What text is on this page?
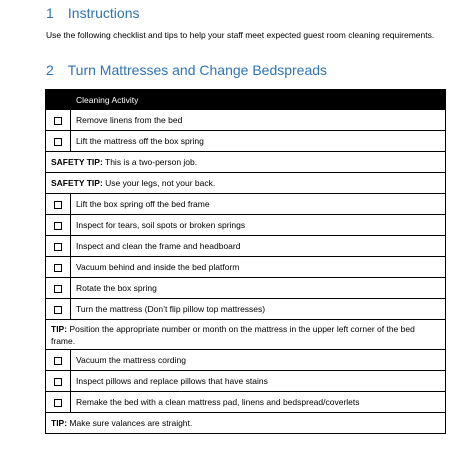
1 Instructions
Use the following checklist and tips to help your staff meet expected guest room cleaning requirements.
2 Turn Mattresses and Change Bedspreads
	Cleaning Activity
	Remove linens from the bed
	Lift the mattress off the box spring
SAFETY TIP: This is a two-person job.	
SAFETY TIP: Use your legs, not your back.	
	Lift the box spring off the bed frame
	Inspect for tears, soil spots or broken springs
	Inspect and clean the frame and headboard
	Vacuum behind and inside the bed platform
	Rotate the box spring
	Turn the mattress (Don’t flip pillow top mattresses)
TIP: Position the appropriate number or month on the mattress in the upper left corner of the bed frame.	
	Vacuum the mattress cording
	Inspect pillows and replace pillows that have stains
	Remake the bed with a clean mattress pad, linens and bedspread/coverlets
TIP: Make sure valances are straight.	
